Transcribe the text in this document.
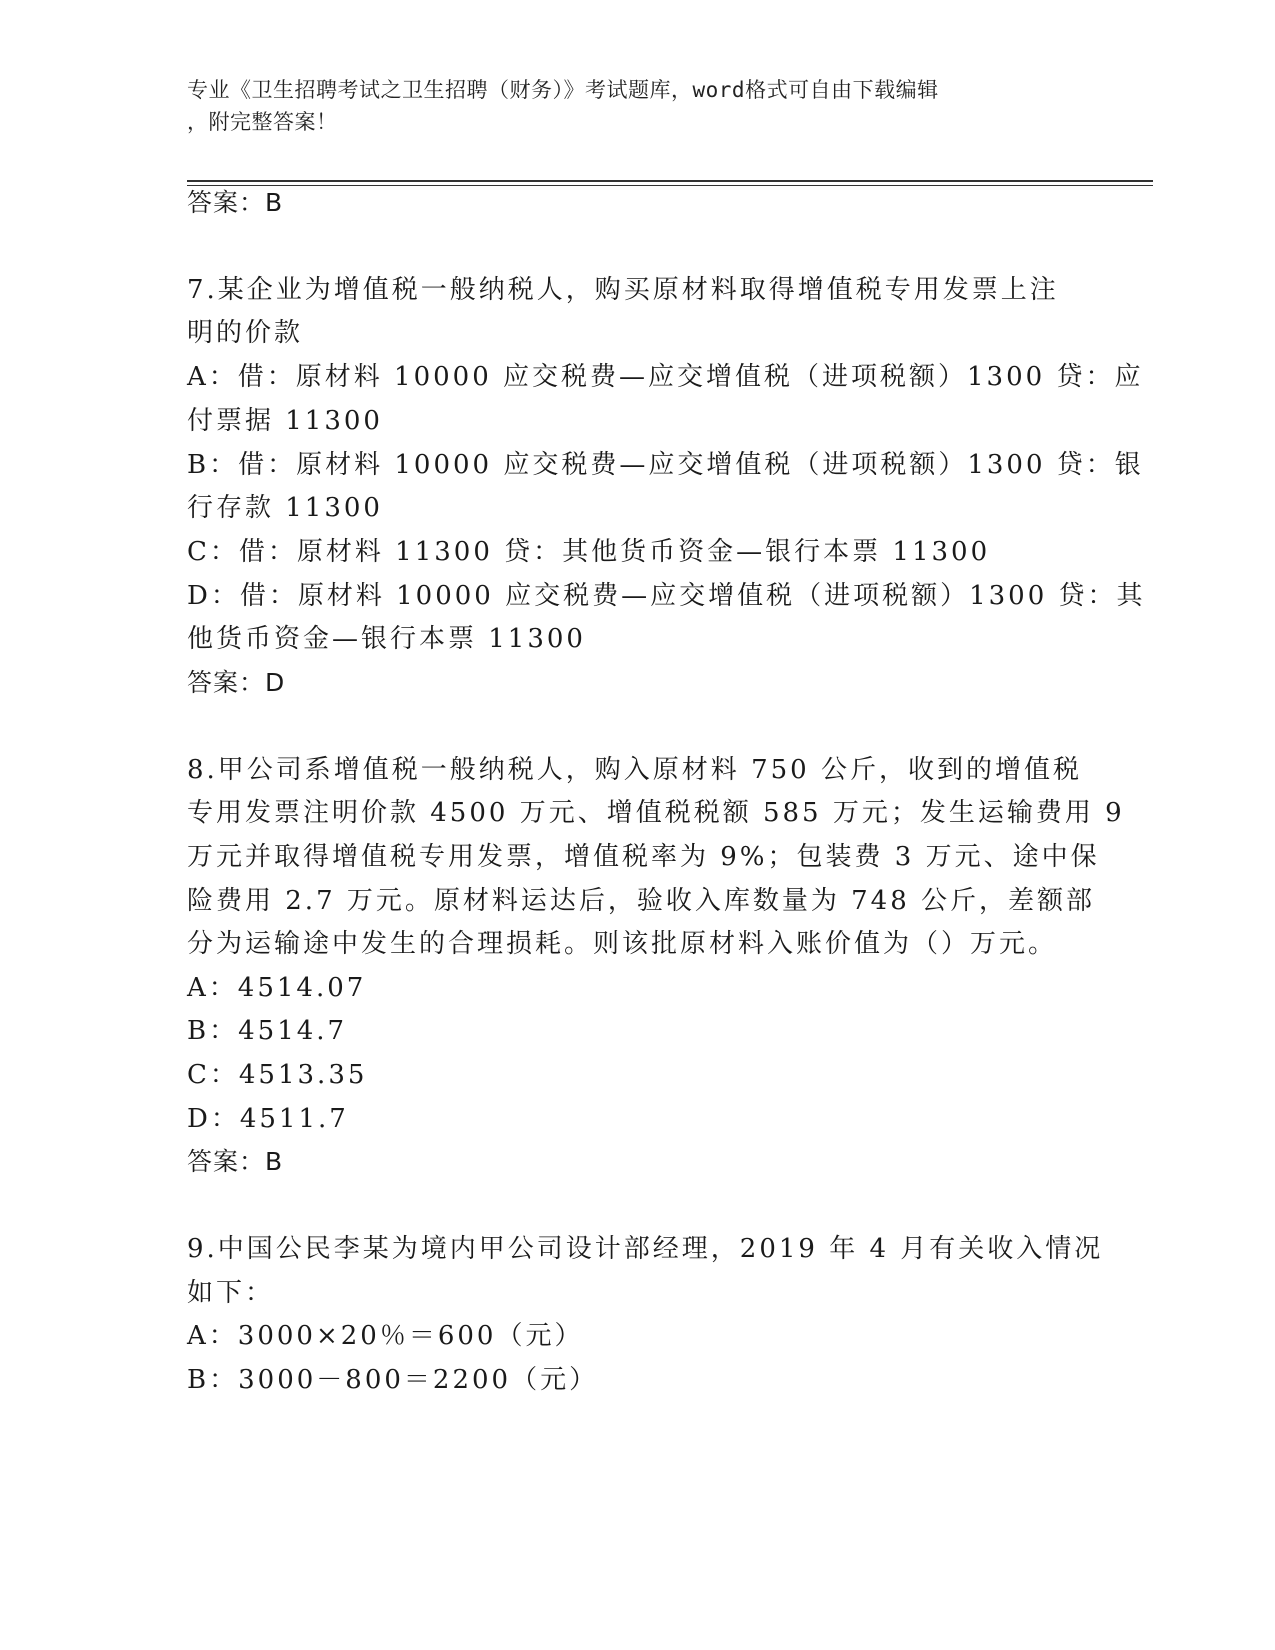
专业《卫生招聘考试之卫生招聘（财务）》考试题库，word格式可自由下载编辑
，附完整答案！
答案：B
7.某企业为增值税一般纳税人，购买原材料取得增值税专用发票上注
明的价款
A：借：原材料 10000 应交税费—应交增值税（进项税额）1300 贷：应
付票据 11300
B：借：原材料 10000 应交税费—应交增值税（进项税额）1300 贷：银
行存款 11300
C：借：原材料 11300 贷：其他货币资金—银行本票 11300
D：借：原材料 10000 应交税费—应交增值税（进项税额）1300 贷：其
他货币资金—银行本票 11300
答案：D
8.甲公司系增值税一般纳税人，购入原材料 750 公斤，收到的增值税
专用发票注明价款 4500 万元、增值税税额 585 万元；发生运输费用 9
万元并取得增值税专用发票，增值税率为 9%；包装费 3 万元、途中保
险费用 2.7 万元。原材料运达后，验收入库数量为 748 公斤，差额部
分为运输途中发生的合理损耗。则该批原材料入账价值为（）万元。
A：4514.07
B：4514.7
C：4513.35
D：4511.7
答案：B
9.中国公民李某为境内甲公司设计部经理，2019 年 4 月有关收入情况
如下：
A：3000×20％＝600（元）
B：3000－800＝2200（元）
